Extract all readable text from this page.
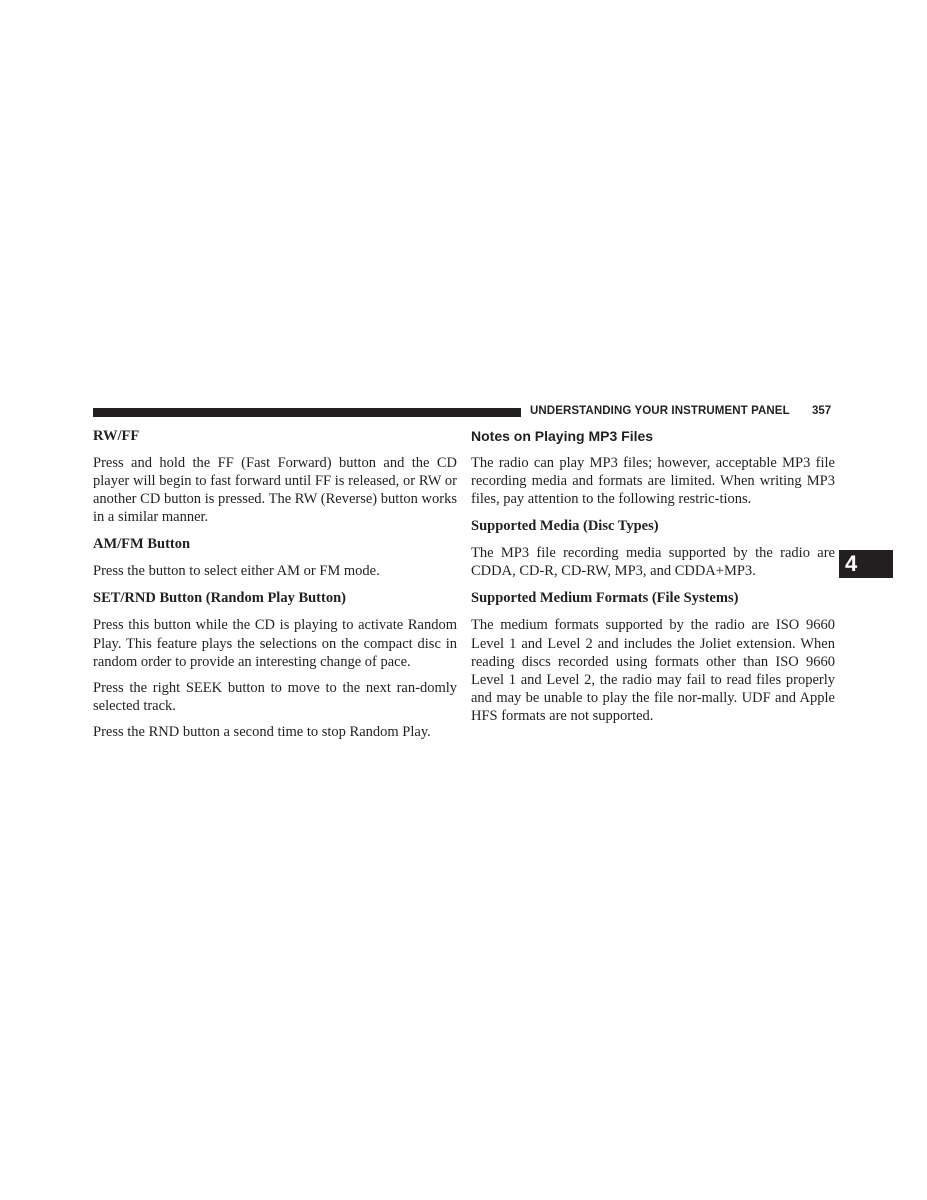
UNDERSTANDING YOUR INSTRUMENT PANEL 357
4
RW/FF

Press and hold the FF (Fast Forward) button and the CD player will begin to fast forward until FF is released, or RW or another CD button is pressed. The RW (Reverse) button works in a similar manner.

AM/FM Button

Press the button to select either AM or FM mode.

SET/RND Button (Random Play Button)

Press this button while the CD is playing to activate Random Play. This feature plays the selections on the compact disc in random order to provide an interesting change of pace.

Press the right SEEK button to move to the next ran-domly selected track.

Press the RND button a second time to stop Random Play.

Notes on Playing MP3 Files

The radio can play MP3 files; however, acceptable MP3 file recording media and formats are limited. When writing MP3 files, pay attention to the following restric-tions.

Supported Media (Disc Types)

The MP3 file recording media supported by the radio are CDDA, CD-R, CD-RW, MP3, and CDDA+MP3.

Supported Medium Formats (File Systems)

The medium formats supported by the radio are ISO 9660 Level 1 and Level 2 and includes the Joliet extension. When reading discs recorded using formats other than ISO 9660 Level 1 and Level 2, the radio may fail to read files properly and may be unable to play the file nor-mally. UDF and Apple HFS formats are not supported.
